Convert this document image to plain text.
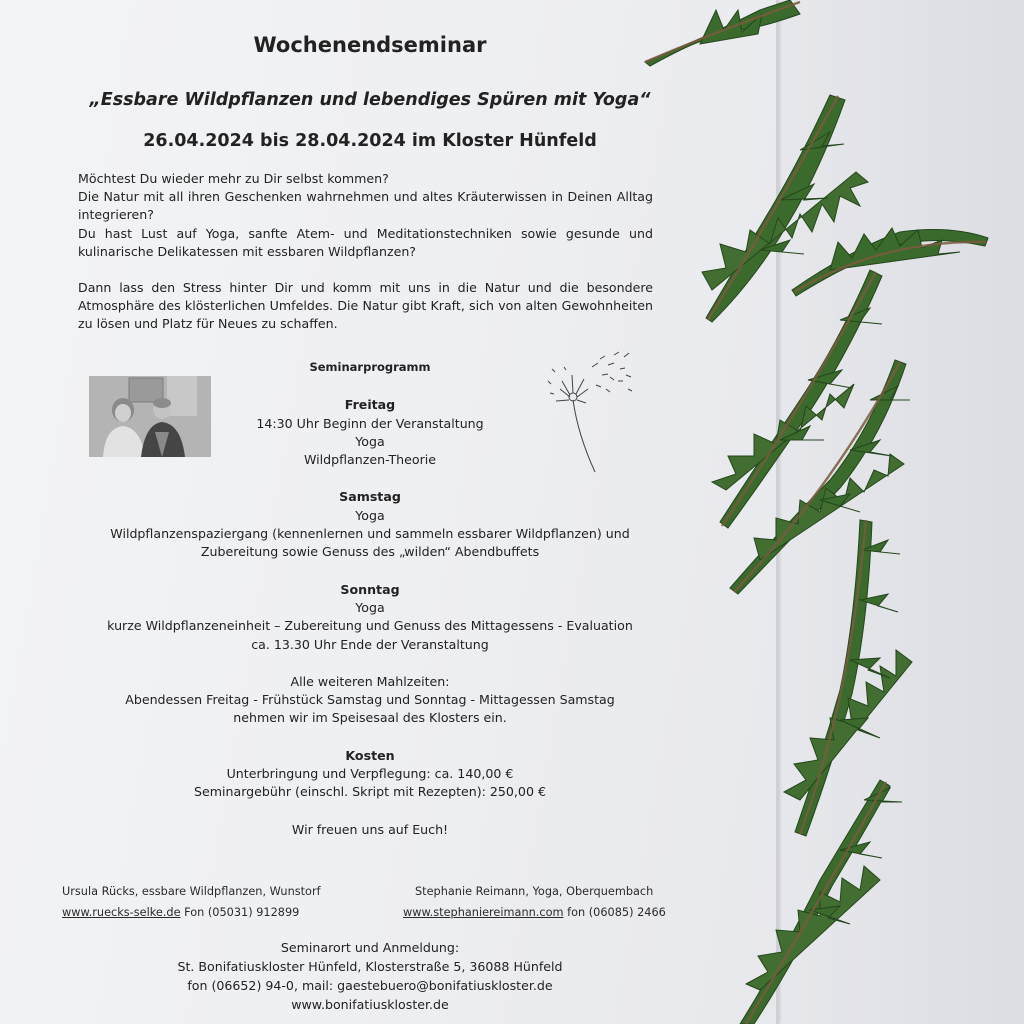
Wochenendseminar
„Essbare Wildpflanzen und lebendiges Spüren mit Yoga“
26.04.2024 bis 28.04.2024 im Kloster Hünfeld

Möchtest Du wieder mehr zu Dir selbst kommen?

Die Natur mit all ihren Geschenken wahrnehmen und altes Kräuterwissen in Deinen Alltag integrieren?

Du hast Lust auf Yoga, sanfte Atem- und Meditationstechniken sowie gesunde und kulinarische Delikatessen mit essbaren Wildpflanzen?

Dann lass den Stress hinter Dir und komm mit uns in die Natur und die besondere Atmosphäre des klösterlichen Umfeldes. Die Natur gibt Kraft, sich von alten Gewohnheiten zu lösen und Platz für Neues zu schaffen.

Seminarprogramm
Freitag
14:30 Uhr Beginn der Veranstaltung
Yoga
Wildpflanzen-Theorie
Samstag
Yoga
Wildpflanzenspaziergang (kennenlernen und sammeln essbarer Wildpflanzen) und
Zubereitung sowie Genuss des „wilden“ Abendbuffets
Sonntag
Yoga
kurze Wildpflanzeneinheit – Zubereitung und Genuss des Mittagessens - Evaluation
ca. 13.30 Uhr Ende der Veranstaltung
Alle weiteren Mahlzeiten:
Abendessen Freitag - Frühstück Samstag und Sonntag - Mittagessen Samstag
nehmen wir im Speisesaal des Klosters ein.
Kosten
Unterbringung und Verpflegung: ca. 140,00 €
Seminargebühr (einschl. Skript mit Rezepten): 250,00 €
Wir freuen uns auf Euch!
Ursula Rücks, essbare Wildpflanzen, Wunstorf
www.ruecks-selke.de Fon (05031) 912899
Stephanie Reimann, Yoga, Oberquembach
www.stephaniereimann.com fon (06085) 2466
Seminarort und Anmeldung:
St. Bonifatiuskloster Hünfeld, Klosterstraße 5, 36088 Hünfeld
fon (06652) 94-0, mail: gaestebuero@bonifatiuskloster.de
www.bonifatiuskloster.de
